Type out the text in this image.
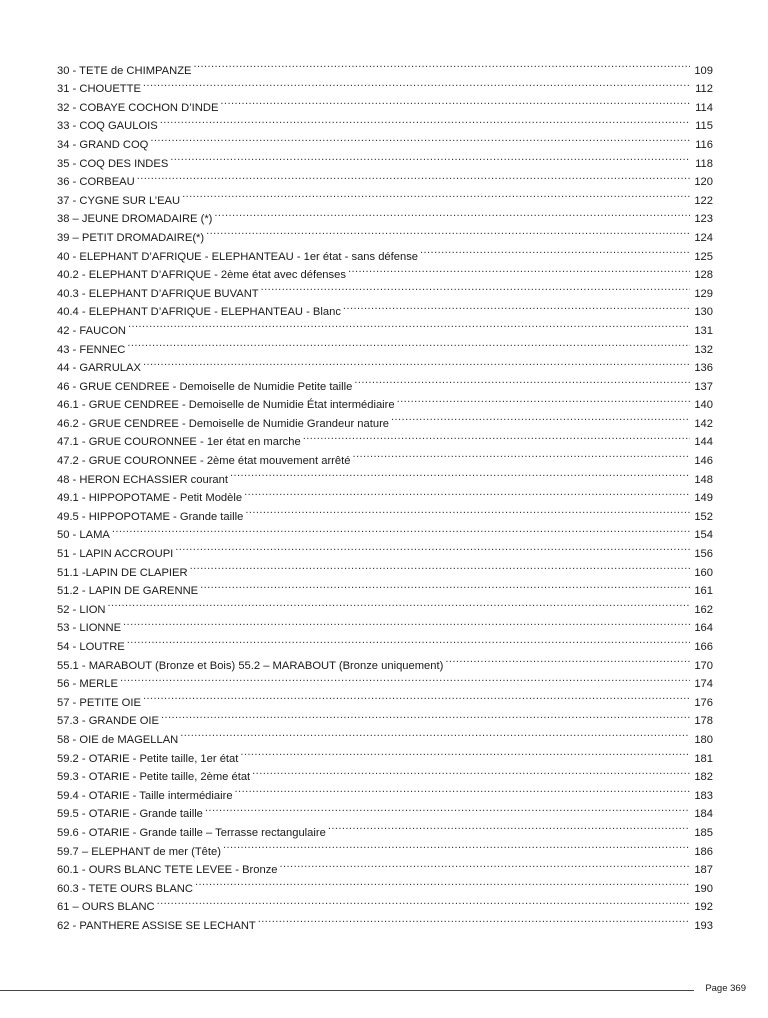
30 - TETE de CHIMPANZE .....	109
31 - CHOUETTE .....	112
32 - COBAYE COCHON D’INDE .....	114
33 - COQ GAULOIS .....	115
34 - GRAND COQ .....	116
35 - COQ DES INDES .....	118
36 - CORBEAU .....	120
37 - CYGNE SUR L’EAU .....	122
38 – JEUNE DROMADAIRE (*) .....	123
39 – PETIT DROMADAIRE(*) .....	124
40 - ELEPHANT D’AFRIQUE - ELEPHANTEAU - 1er état - sans défense .....	125
40.2 - ELEPHANT D’AFRIQUE - 2ème état avec défenses .....	128
40.3 - ELEPHANT D’AFRIQUE BUVANT .....	129
40.4 - ELEPHANT D’AFRIQUE - ELEPHANTEAU - Blanc .....	130
42 - FAUCON .....	131
43 - FENNEC .....	132
44 - GARRULAX .....	136
46 - GRUE CENDREE - Demoiselle de Numidie Petite taille .....	137
46.1 - GRUE CENDREE - Demoiselle de Numidie État intermédiaire .....	140
46.2 - GRUE CENDREE - Demoiselle de Numidie Grandeur nature .....	142
47.1 - GRUE COURONNEE - 1er état en marche .....	144
47.2 - GRUE COURONNEE - 2ème état mouvement arrêté .....	146
48 - HERON ECHASSIER courant .....	148
49.1 - HIPPOPOTAME - Petit Modèle .....	149
49.5 - HIPPOPOTAME - Grande taille .....	152
50 - LAMA .....	154
51 - LAPIN ACCROUPI .....	156
51.1 -LAPIN DE CLAPIER .....	160
51.2 - LAPIN DE GARENNE .....	161
52 - LION .....	162
53 - LIONNE .....	164
54 - LOUTRE .....	166
55.1 - MARABOUT (Bronze et Bois) 55.2 – MARABOUT (Bronze uniquement) .....	170
56 - MERLE .....	174
57 - PETITE OIE .....	176
57.3 - GRANDE OIE .....	178
58 - OIE de MAGELLAN .....	180
59.2 - OTARIE - Petite taille, 1er état .....	181
59.3 - OTARIE - Petite taille, 2ème état .....	182
59.4 - OTARIE - Taille intermédiaire .....	183
59.5 - OTARIE - Grande taille .....	184
59.6 - OTARIE - Grande taille – Terrasse rectangulaire .....	185
59.7 – ELEPHANT de mer (Tête) .....	186
60.1 - OURS BLANC TETE LEVEE - Bronze .....	187
60.3 - TETE OURS BLANC .....	190
61 – OURS BLANC .....	192
62 - PANTHERE ASSISE SE LECHANT .....	193
Page 369
